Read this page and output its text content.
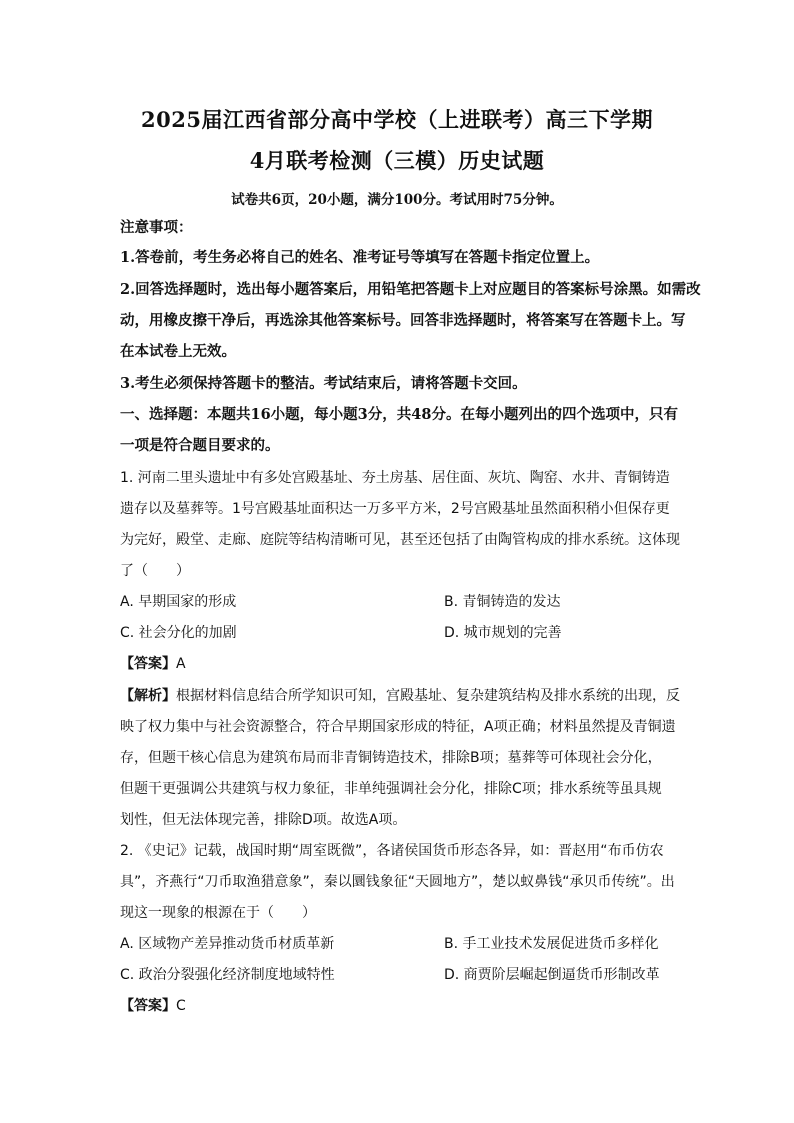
2025届江西省部分高中学校（上进联考）高三下学期
4月联考检测（三模）历史试题
试卷共6页，20小题，满分100分。考试用时75分钟。
注意事项：
1.答卷前，考生务必将自己的姓名、准考证号等填写在答题卡指定位置上。
2.回答选择题时，选出每小题答案后，用铅笔把答题卡上对应题目的答案标号涂黑。如需改
动，用橡皮擦干净后，再选涂其他答案标号。回答非选择题时，将答案写在答题卡上。写
在本试卷上无效。
3.考生必须保持答题卡的整洁。考试结束后，请将答题卡交回。
一、选择题：本题共16小题，每小题3分，共48分。在每小题列出的四个选项中，只有
一项是符合题目要求的。
1. 河南二里头遗址中有多处宫殿基址、夯土房基、居住面、灰坑、陶窑、水井、青铜铸造
遗存以及墓葬等。1号宫殿基址面积达一万多平方米，2号宫殿基址虽然面积稍小但保存更
为完好，殿堂、走廊、庭院等结构清晰可见，甚至还包括了由陶管构成的排水系统。这体现
了（　　）
A. 早期国家的形成	B. 青铜铸造的发达
C. 社会分化的加剧	D. 城市规划的完善
【答案】A
【解析】根据材料信息结合所学知识可知，宫殿基址、复杂建筑结构及排水系统的出现，反
映了权力集中与社会资源整合，符合早期国家形成的特征，A项正确；材料虽然提及青铜遗
存，但题干核心信息为建筑布局而非青铜铸造技术，排除B项；墓葬等可体现社会分化，
但题干更强调公共建筑与权力象征，非单纯强调社会分化，排除C项；排水系统等虽具规
划性，但无法体现完善，排除D项。故选A项。
2. 《史记》记载，战国时期“周室既微”，各诸侯国货币形态各异，如：晋赵用“布币仿农
具”，齐燕行“刀币取渔猎意象”，秦以圜钱象征“天圆地方”，楚以蚁鼻钱“承贝币传统”。出
现这一现象的根源在于（　　）
A. 区域物产差异推动货币材质革新	B. 手工业技术发展促进货币多样化
C. 政治分裂强化经济制度地域特性	D. 商贾阶层崛起倒逼货币形制改革
【答案】C
